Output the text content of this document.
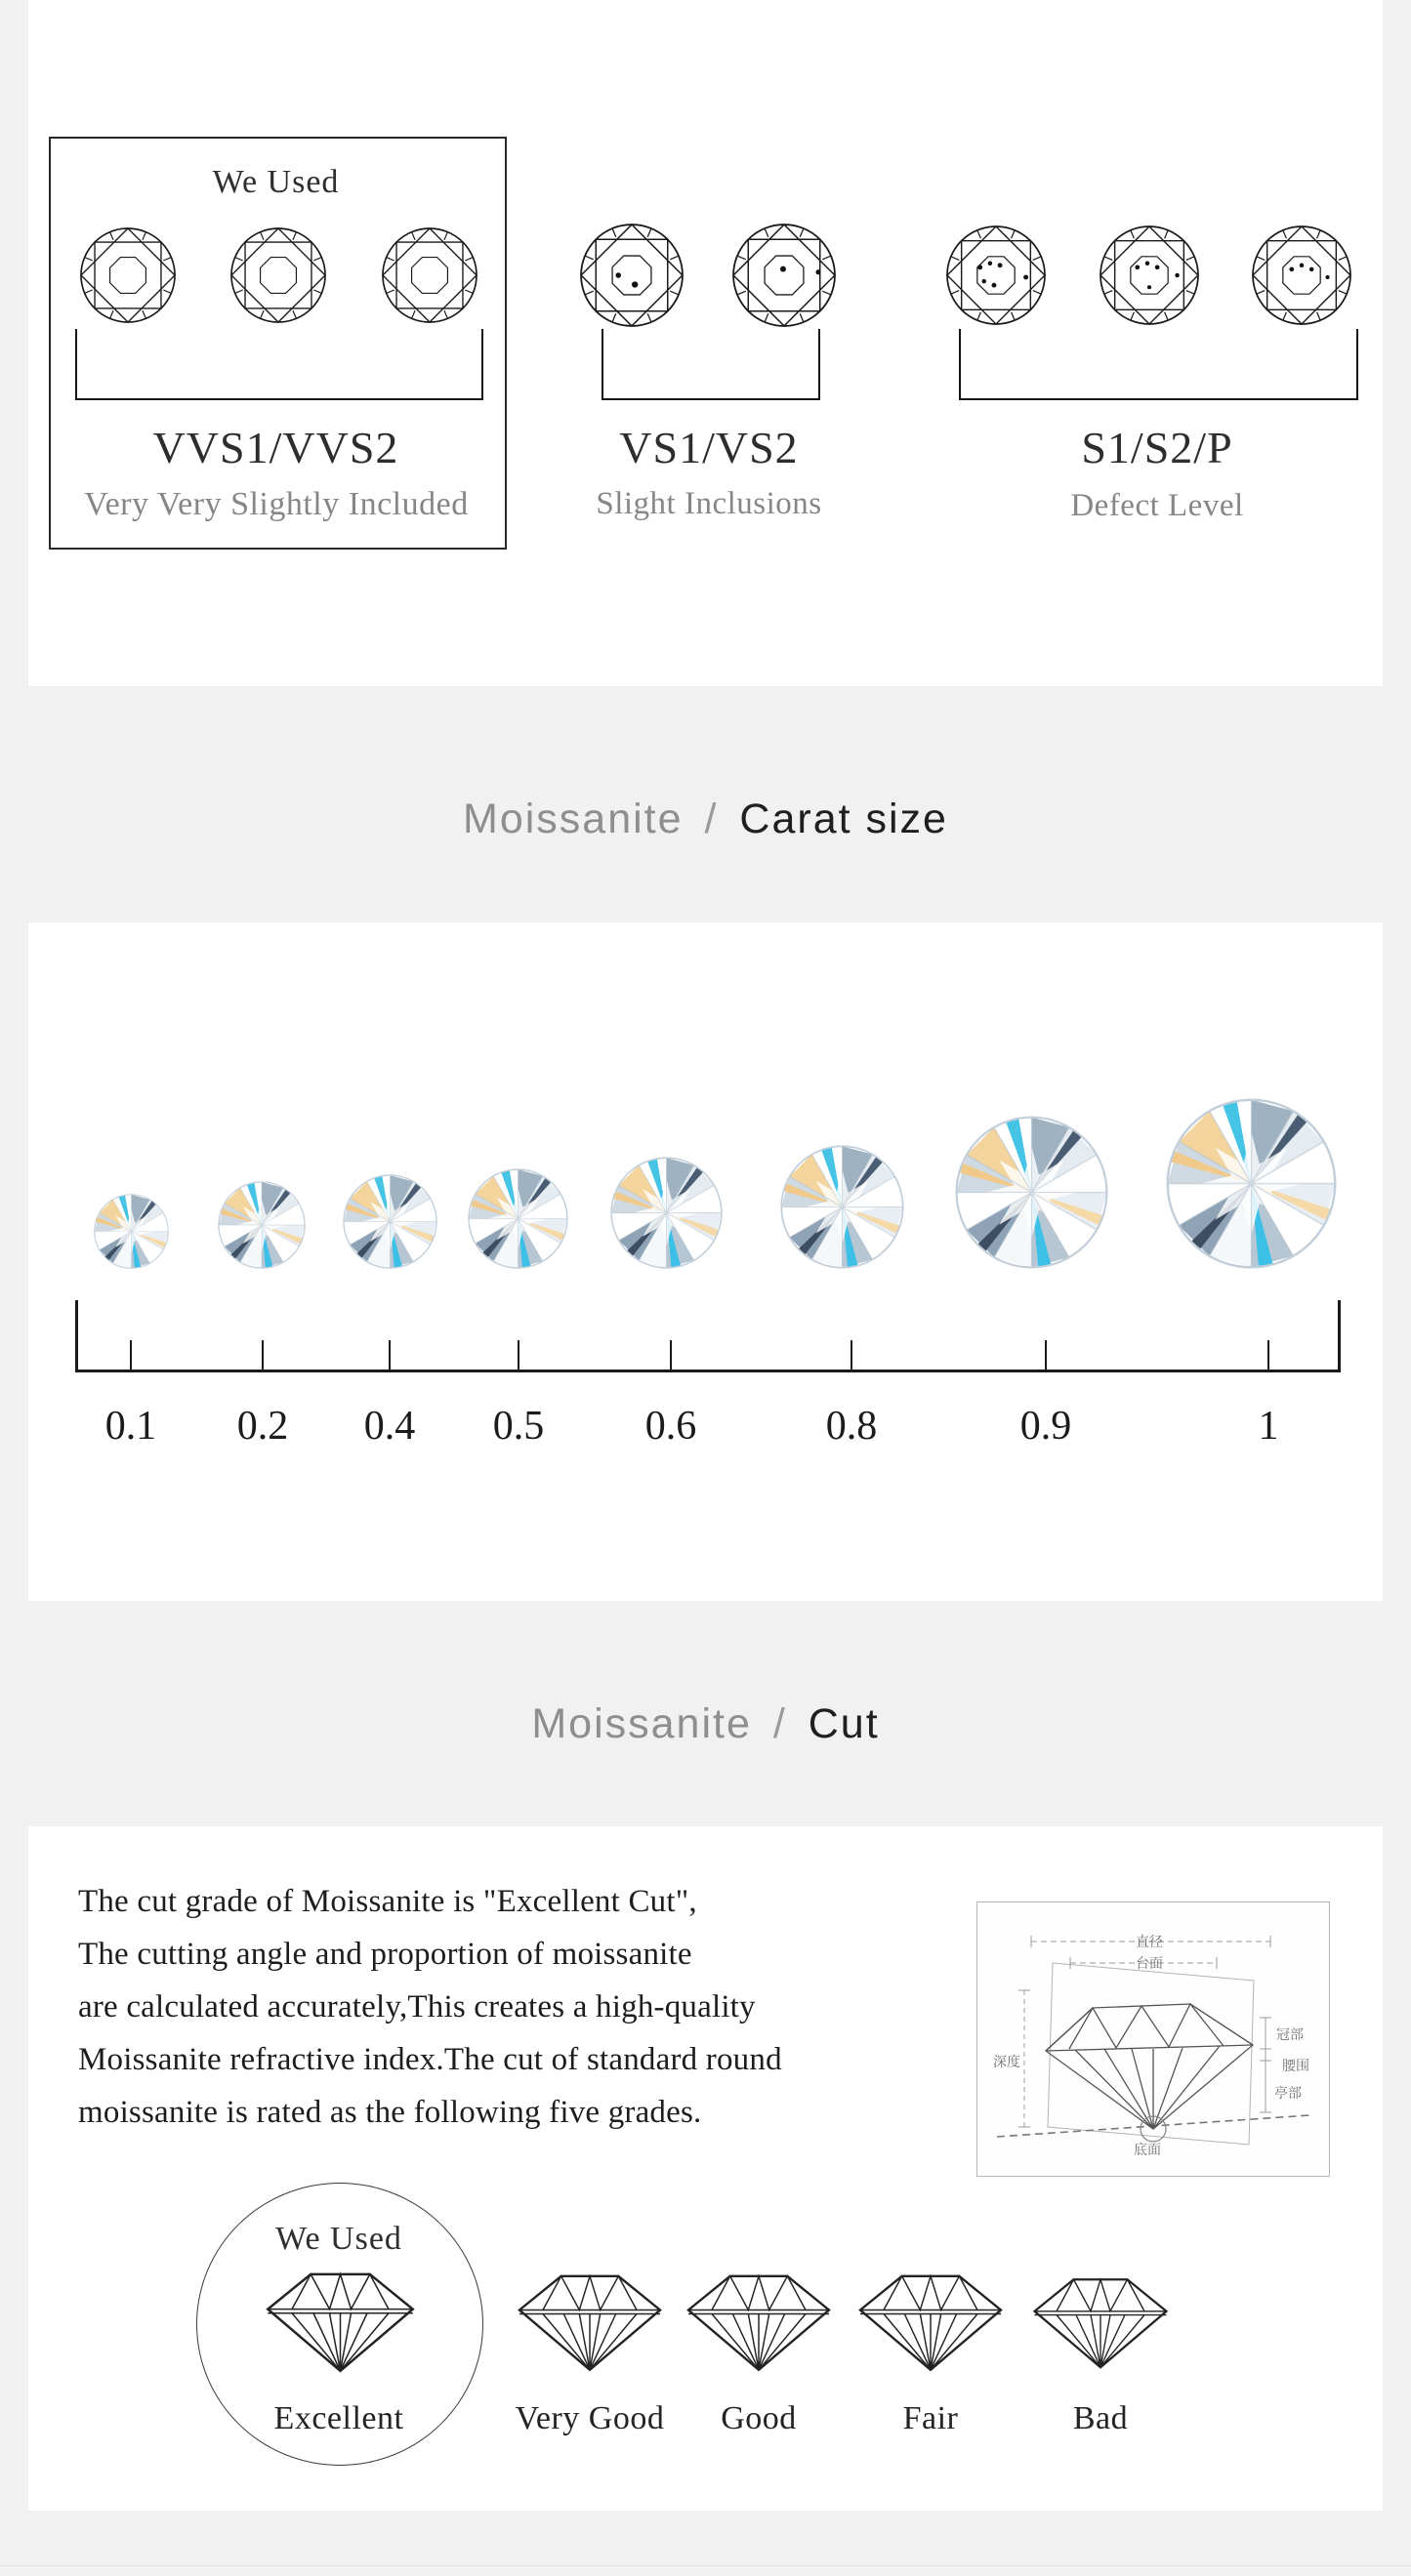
We Used
VVS1/VVS2
Very Very Slightly Included
VS1/VS2
Slight Inclusions
S1/S2/P
Defect Level
Moissanite / Carat size
0.1	0.2	0.4	0.5	0.6	0.8	0.9	1
Moissanite / Cut
The cut grade of Moissanite is "Excellent Cut",
The cutting angle and proportion of moissanite
are calculated accurately,This creates a high-quality
Moissanite refractive index.The cut of standard round
moissanite is rated as the following five grades.
直径
台面
深度
冠部
腰围
亭部
底面
We Used
Excellent	Very Good	Good	Fair	Bad
